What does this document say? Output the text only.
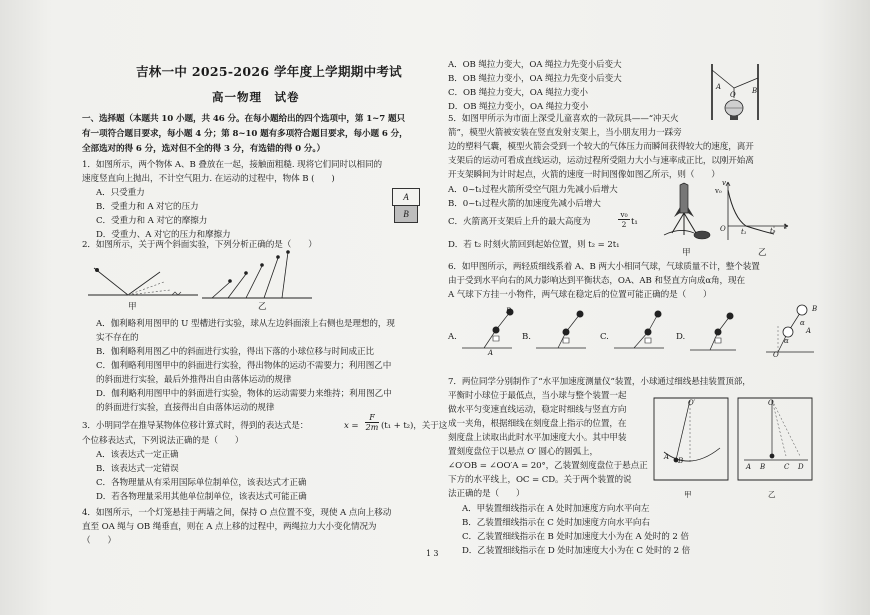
吉林一中 2025-2026 学年度上学期期中考试
高一物理　试卷
一、选择题（本题共 10 小题，共 46 分。在每小题给出的四个选项中，第 1~7 题只
有一项符合题目要求，每小题 4 分；第 8~10 题有多项符合题目要求，每小题 6 分，
全部选对的得 6 分，选对但不全的得 3 分，有选错的得 0 分。）
1．如图所示，两个物体 A、B 叠放在一起，接触面粗糙. 现将它们同时以相同的
速度竖直向上抛出，不计空气阻力. 在运动的过程中，物体 B (　　)
A．只受重力
B．受重力和 A 对它的压力
C．受重力和 A 对它的摩擦力
D．受重力、A 对它的压力和摩擦力
A
B
2．如图所示，关于两个斜面实验，下列分析正确的是（　　）
甲	乙
A．伽利略利用图甲的 U 型槽进行实验，球从左边斜面滚上右侧也是理想的，现
实不存在的
B．伽利略利用图乙中的斜面进行实验，得出下落的小球位移与时间成正比
C．伽利略利用图甲中的斜面进行实验，得出物体的运动不需要力；利用图乙中
的斜面进行实验，最后外推得出自由落体运动的规律
D．伽利略利用图甲中的斜面进行实验，物体的运动需要力来维持；利用图乙中
的斜面进行实验，直接得出自由落体运动的规律
3．小明同学在推导某物体位移计算式时，得到的表达式是：	$x = \frac{F}{2m} (t_1 + t_2)$，关于这
个位移表达式，下列说法正确的是（　　）
A．该表达式一定正确
B．该表达式一定错误
C．各物理量从有采用国际单位制单位，该表达式才正确
D．若各物理量采用其他单位制单位，该表达式可能正确
4．如图所示，一个灯笼悬挂于两墙之间，保持 O 点位置不变，现使 A 点向上移动
直至 OA 绳与 OB 绳垂直，则在 A 点上移的过程中，两绳拉力大小变化情况为
（　　）
A．OB 绳拉力变大，OA 绳拉力先变小后变大
B．OB 绳拉力变小，OA 绳拉力先变小后变大
C．OB 绳拉力变大，OA 绳拉力变小
D．OB 绳拉力变小，OA 绳拉力变小
A
O B
5．如图甲所示为市面上深受儿童喜欢的一款玩具——“冲天火
箭”，模型火箭被安装在竖直发射支架上，当小朋友用力一踩旁
边的塑料气囊，模型火箭会受到一个较大的气体压力而瞬间获得较大的速度，离开
支架后的运动可看成直线运动，运动过程所受阻力大小与速率成正比，以刚开始离
开支架瞬间为计时起点，火箭的速度一时间图像如图乙所示，则（　　）
A．0~t₁过程火箭所受空气阻力先减小后增大
B．0~t₁过程火箭的加速度先减小后增大
C．火箭离开支架后上升的最大高度为	$\frac{\text{v₀}}{2} t_1$
D．若 t₂ 时刻火箭回到起始位置，则 t₂ = 2t₁
甲
v
v₀
O t₁	t₂ t
乙
6．如甲图所示，两轻质细线系着 A、B 两大小相同气球，气球质量不计，整个装置
由于受到水平向右的风力影响达到平衡状态，OA、AB 和竖直方向成α角，现在
A 气球下方挂一小物件，两气球在稳定后的位置可能正确的是（　　）
A.	B.	C.	D.
A
B
O
A
B
α
α
7．两位同学分别制作了“水平加速度测量仪”装置，小球通过细线悬挂装置顶部，
平衡时小球位于最低点，当小球与整个装置一起
做水平匀变速直线运动，稳定时细线与竖直方向
成一夹角，根据细线在刻度盘上指示的位置，在
刻度盘上读取出此时水平加速度大小。其中甲装
置刻度盘位于以悬点 O′ 圆心的圆弧上，
∠O′OB = ∠OO′A = 20°，乙装置刻度盘位于悬点正
下方的水平线上，OC = CD。关于两个装置的说
法正确的是（　　）
O′
A B
甲
O
A B	C D
乙
A．甲装置细线指示在 A 处时加速度方向水平向左
B．乙装置细线指示在 C 处时加速度方向水平向右
C．乙装置细线指示在 B 处时加速度大小为在 A 处时的 2 倍
D．乙装置细线指示在 D 处时加速度大小为在 C 处时的 2 倍
1 3
